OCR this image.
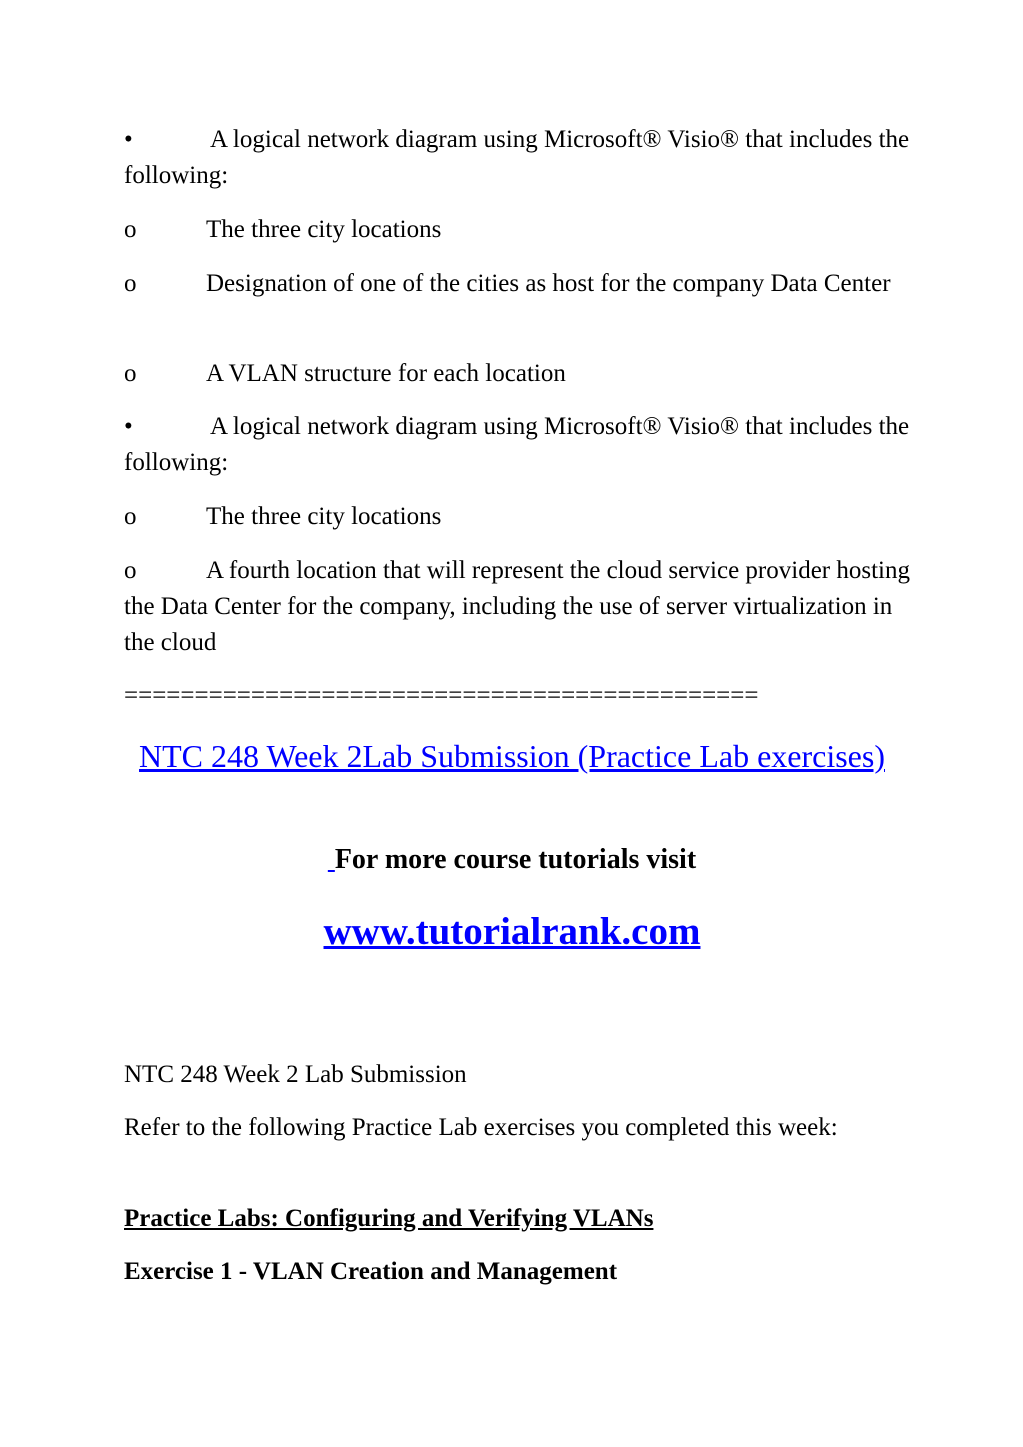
•	A logical network diagram using Microsoft® Visio® that includes the following:

o	The three city locations

o	Designation of one of the cities as host for the company Data Center

o	A VLAN structure for each location

•	A logical network diagram using Microsoft® Visio® that includes the following:

o	The three city locations

o	A fourth location that will represent the cloud service provider hosting the Data Center for the company, including the use of server virtualization in the cloud

=============================================

NTC 248 Week 2Lab Submission (Practice Lab exercises)

For more course tutorials visit

www.tutorialrank.com

NTC 248 Week 2 Lab Submission

Refer to the following Practice Lab exercises you completed this week:

Practice Labs: Configuring and Verifying VLANs

Exercise 1 - VLAN Creation and Management
